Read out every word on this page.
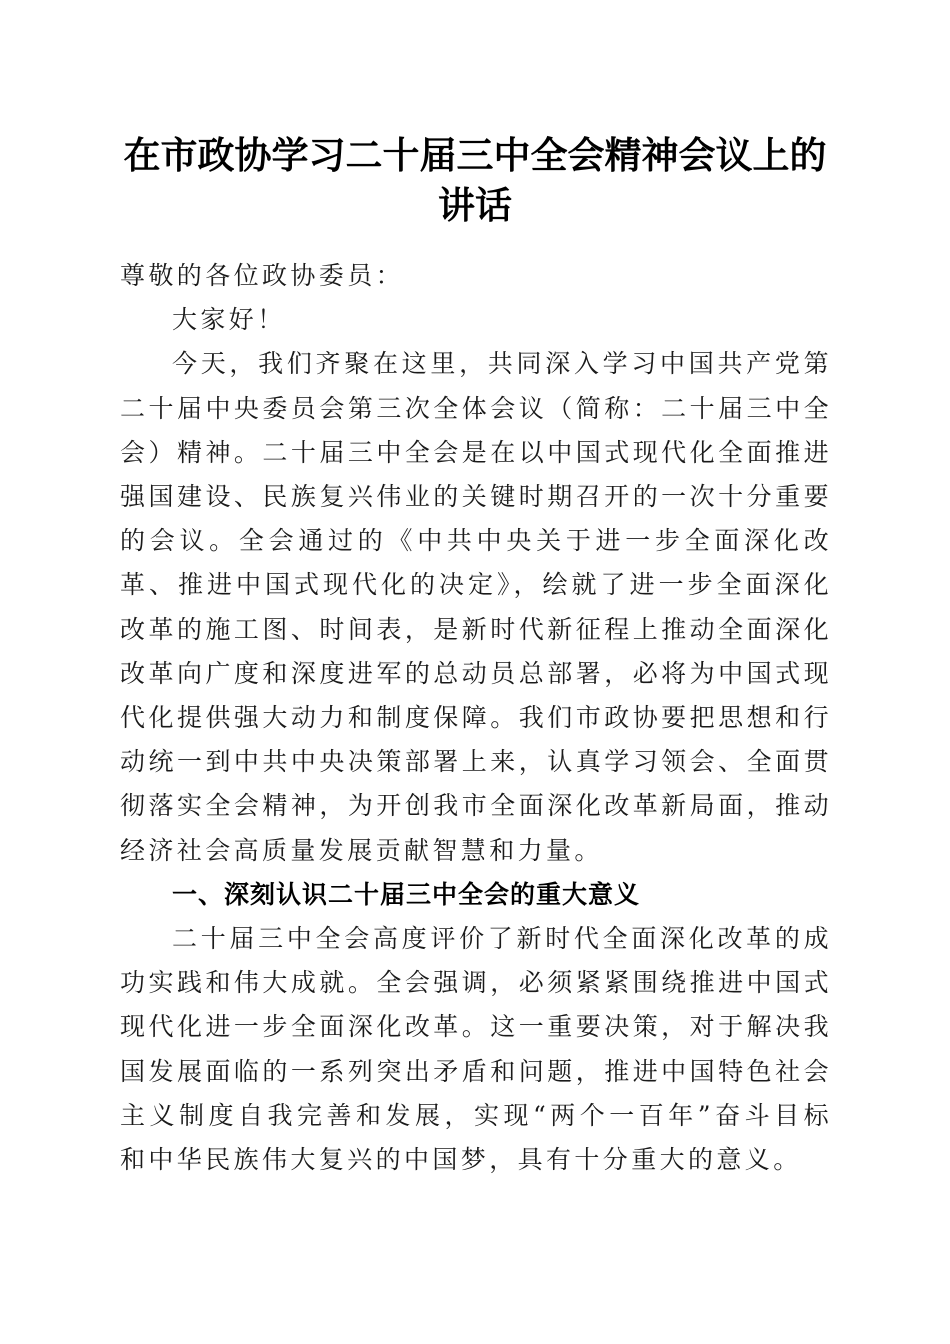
在市政协学习二十届三中全会精神会议上的讲话

尊敬的各位政协委员：

大家好！

今天，我们齐聚在这里，共同深入学习中国共产党第二十届中央委员会第三次全体会议（简称：二十届三中全会）精神。二十届三中全会是在以中国式现代化全面推进强国建设、民族复兴伟业的关键时期召开的一次十分重要的会议。全会通过的《中共中央关于进一步全面深化改革、推进中国式现代化的决定》，绘就了进一步全面深化改革的施工图、时间表，是新时代新征程上推动全面深化改革向广度和深度进军的总动员总部署，必将为中国式现代化提供强大动力和制度保障。我们市政协要把思想和行动统一到中共中央决策部署上来，认真学习领会、全面贯彻落实全会精神，为开创我市全面深化改革新局面，推动经济社会高质量发展贡献智慧和力量。

一、深刻认识二十届三中全会的重大意义

二十届三中全会高度评价了新时代全面深化改革的成功实践和伟大成就。全会强调，必须紧紧围绕推进中国式现代化进一步全面深化改革。这一重要决策，对于解决我国发展面临的一系列突出矛盾和问题，推进中国特色社会主义制度自我完善和发展，实现“两个一百年”奋斗目标和中华民族伟大复兴的中国梦，具有十分重大的意义。
